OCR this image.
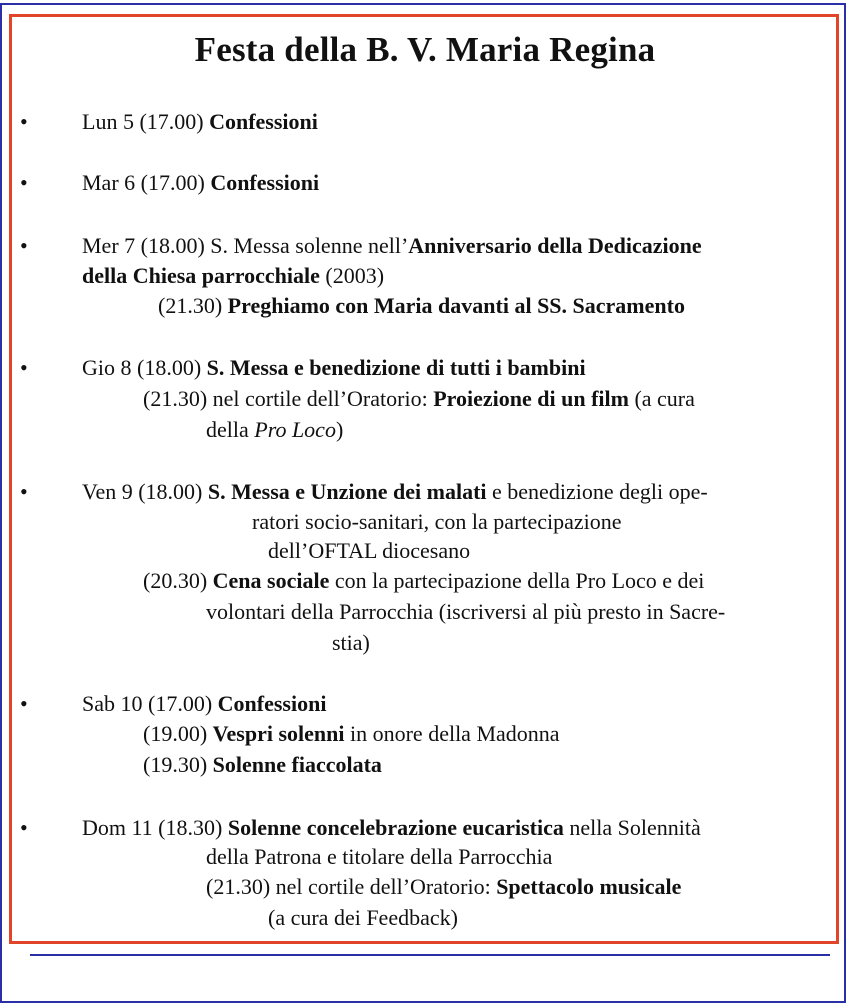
Festa della B. V. Maria Regina
• Lun 5 (17.00) Confessioni
• Mar 6 (17.00) Confessioni
• Mer 7 (18.00) S. Messa solenne nell’Anniversario della Dedicazione
della Chiesa parrocchiale (2003)
(21.30) Preghiamo con Maria davanti al SS. Sacramento
• Gio 8 (18.00) S. Messa e benedizione di tutti i bambini
(21.30) nel cortile dell’Oratorio: Proiezione di un film (a cura
della Pro Loco)
• Ven 9 (18.00) S. Messa e Unzione dei malati e benedizione degli ope-
ratori socio-sanitari, con la partecipazione
dell’OFTAL diocesano
(20.30) Cena sociale con la partecipazione della Pro Loco e dei
volontari della Parrocchia (iscriversi al più presto in Sacre-
stia)
• Sab 10 (17.00) Confessioni
(19.00) Vespri solenni in onore della Madonna
(19.30) Solenne fiaccolata
• Dom 11 (18.30) Solenne concelebrazione eucaristica nella Solennità
della Patrona e titolare della Parrocchia
(21.30) nel cortile dell’Oratorio: Spettacolo musicale
(a cura dei Feedback)
